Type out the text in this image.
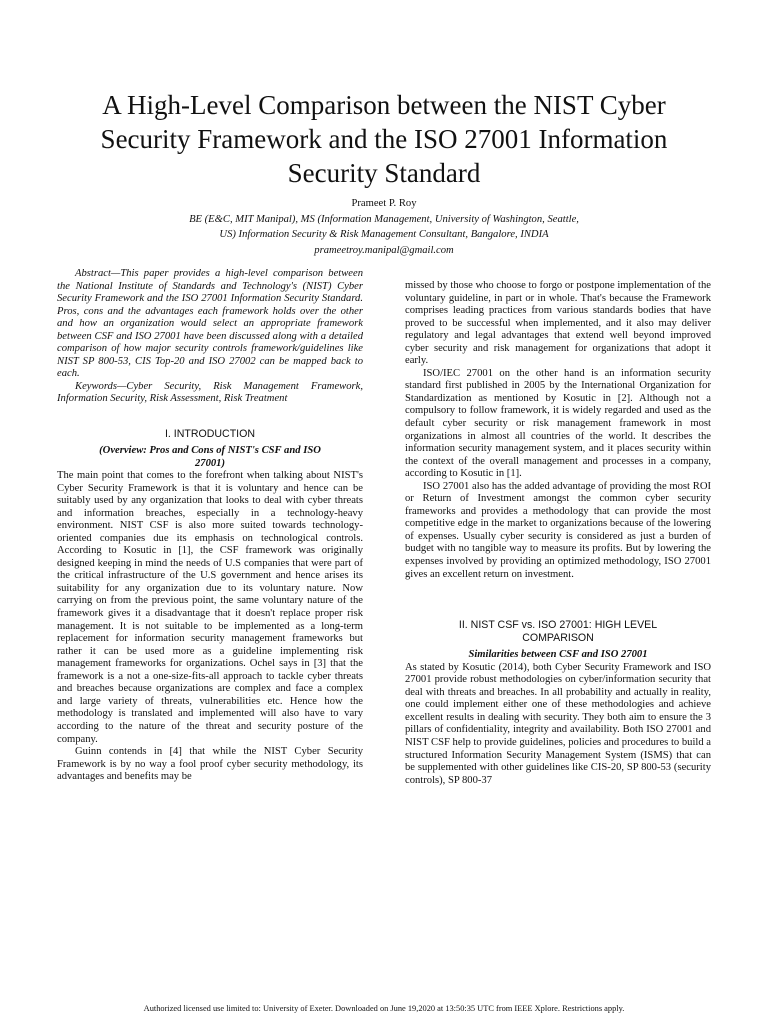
A High-Level Comparison between the NIST Cyber Security Framework and the ISO 27001 Information Security Standard
Prameet P. Roy

BE (E&C, MIT Manipal), MS (Information Management, University of Washington, Seattle,
US) Information Security & Risk Management Consultant, Bangalore, INDIA
prameetroy.manipal@gmail.com

Abstract—This paper provides a high-level comparison between the National Institute of Standards and Technology's (NIST) Cyber Security Framework and the ISO 27001 Information Security Standard. Pros, cons and the advantages each framework holds over the other and how an organization would select an appropriate framework between CSF and ISO 27001 have been discussed along with a detailed comparison of how major security controls framework/guidelines like NIST SP 800-53, CIS Top-20 and ISO 27002 can be mapped back to each.

Keywords—Cyber Security, Risk Management Framework, Information Security, Risk Assessment, Risk Treatment

I. INTRODUCTION
(Overview: Pros and Cons of NIST's CSF and ISO 27001)

The main point that comes to the forefront when talking about NIST's Cyber Security Framework is that it is voluntary and hence can be suitably used by any organization that looks to deal with cyber threats and information breaches, especially in a technology-heavy environment. NIST CSF is also more suited towards technology-oriented companies due its emphasis on technological controls. According to Kosutic in [1], the CSF framework was originally designed keeping in mind the needs of U.S companies that were part of the critical infrastructure of the U.S government and hence arises its suitability for any organization due to its voluntary nature. Now carrying on from the previous point, the same voluntary nature of the framework gives it a disadvantage that it doesn't replace proper risk management. It is not suitable to be implemented as a long-term replacement for information security management frameworks but rather it can be used more as a guideline implementing risk management frameworks for organizations. Ochel says in [3] that the framework is a not a one-size-fits-all approach to tackle cyber threats and breaches because organizations are complex and face a complex and large variety of threats, vulnerabilities etc. Hence how the methodology is translated and implemented will also have to vary according to the nature of the threat and security posture of the company.

Guinn contends in [4] that while the NIST Cyber Security Framework is by no way a fool proof cyber security methodology, its advantages and benefits may be

missed by those who choose to forgo or postpone implementation of the voluntary guideline, in part or in whole. That's because the Framework comprises leading practices from various standards bodies that have proved to be successful when implemented, and it also may deliver regulatory and legal advantages that extend well beyond improved cyber security and risk management for organizations that adopt it early.

ISO/IEC 27001 on the other hand is an information security standard first published in 2005 by the International Organization for Standardization as mentioned by Kosutic in [2]. Although not a compulsory to follow framework, it is widely regarded and used as the default cyber security or risk management framework in most organizations in almost all countries of the world. It describes the information security management system, and it places security within the context of the overall management and processes in a company, according to Kosutic in [1].

ISO 27001 also has the added advantage of providing the most ROI or Return of Investment amongst the common cyber security frameworks and provides a methodology that can provide the most competitive edge in the market to organizations because of the lowering of expenses. Usually cyber security is considered as just a burden of budget with no tangible way to measure its profits. But by lowering the expenses involved by providing an optimized methodology, ISO 27001 gives an excellent return on investment.

II. NIST CSF vs. ISO 27001: HIGH LEVEL
COMPARISON
Similarities between CSF and ISO 27001

As stated by Kosutic (2014), both Cyber Security Framework and ISO 27001 provide robust methodologies on cyber/information security that deal with threats and breaches. In all probability and actually in reality, one could implement either one of these methodologies and achieve excellent results in dealing with security. They both aim to ensure the 3 pillars of confidentiality, integrity and availability. Both ISO 27001 and NIST CSF help to provide guidelines, policies and procedures to build a structured Information Security Management System (ISMS) that can be supplemented with other guidelines like CIS-20, SP 800-53 (security controls), SP 800-37

Authorized licensed use limited to: University of Exeter. Downloaded on June 19,2020 at 13:50:35 UTC from IEEE Xplore. Restrictions apply.
